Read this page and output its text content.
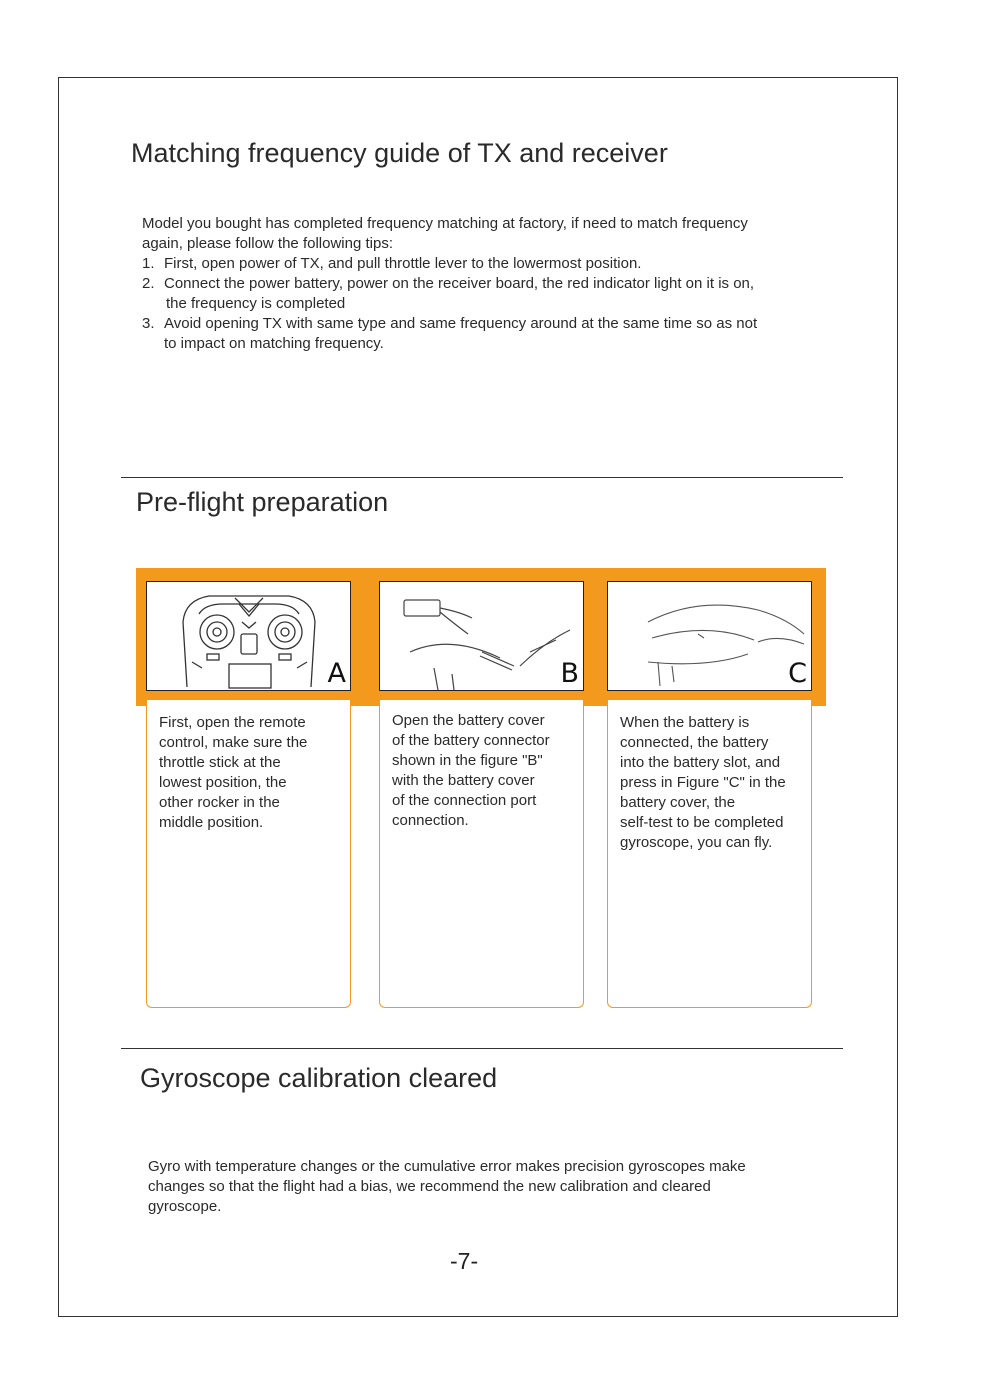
Matching frequency guide of TX and receiver

Model you bought has completed frequency matching at factory, if need to match frequency

again, please follow the following tips:

1. First, open power of TX, and pull throttle lever to the lowermost position.
2. Connect the power battery, power on the receiver board, the red indicator light on it is on,
the frequency is completed
3. Avoid opening TX with same type and same frequency around at the same time so as not
to impact on matching frequency.
Pre-flight preparation
A	B	C
First, open the remote
control, make sure the
throttle stick at the
lowest position, the
other rocker in the
middle position.
Open the battery cover
of the battery connector
shown in the figure "B"
with the battery cover
of the connection port
connection.
When the battery is
connected, the battery
into the battery slot, and
press in Figure "C" in the
battery cover, the
self-test to be completed
gyroscope, you can fly.
Gyroscope calibration cleared

Gyro with temperature changes or the cumulative error makes precision gyroscopes make

changes so that the flight had a bias, we recommend the new calibration and cleared

gyroscope.

-7-
